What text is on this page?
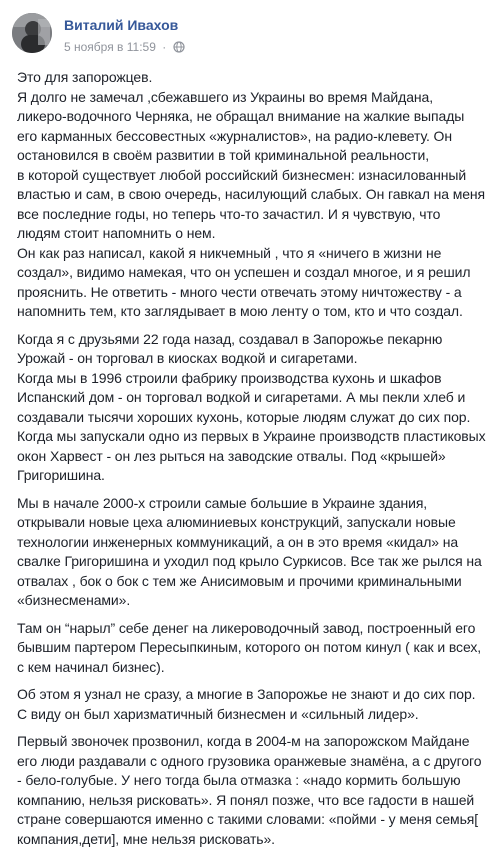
Виталий Ивахов
5 ноября в 11:59 ·
Это для запорожцев.
Я долго не замечал ,сбежавшего из Украины во время Майдана,
ликеро-водочного Черняка, не обращал внимание на жалкие выпады
его карманных бессовестных «журналистов», на радио-клевету. Он
остановился в своём развитии в той криминальной реальности,
в которой существует любой российский бизнесмен: изнасилованный
властью и сам, в свою очередь, насилующий слабых. Он гавкал на меня
все последние годы, но теперь что-то зачастил. И я чувствую, что
людям стоит напомнить о нем.
Он как раз написал, какой я никчемный , что я «ничего в жизни не
создал», видимо намекая, что он успешен и создал многое, и я решил
прояснить. Не ответить - много чести отвечать этому ничтожеству - а
напомнить тем, кто заглядывает в мою ленту о том, кто и что создал.
Когда я с друзьями 22 года назад, создавал в Запорожье пекарню
Урожай - он торговал в киосках водкой и сигаретами.
Когда мы в 1996 строили фабрику производства кухонь и шкафов
Испанский дом - он торговал водкой и сигаретами. А мы пекли хлеб и
создавали тысячи хороших кухонь, которые людям служат до сих пор.
Когда мы запускали одно из первых в Украине производств пластиковых
окон Харвест - он лез рыться на заводские отвалы. Под «крышей»
Григоришина.
Мы в начале 2000-х строили самые большие в Украине здания,
открывали новые цеха алюминиевых конструкций, запускали новые
технологии инженерных коммуникаций, а он в это время «кидал» на
свалке Григоришина и уходил под крыло Суркисов. Все так же рылся на
отвалах , бок о бок с тем же Анисимовым и прочими криминальными
«бизнесменами».
Там он “нарыл” себе денег на ликероводочный завод, построенный его
бывшим партером Пересыпкиным, которого он потом кинул ( как и всех,
с кем начинал бизнес).
Об этом я узнал не сразу, а многие в Запорожье не знают и до сих пор.
С виду он был харизматичный бизнесмен и «сильный лидер».
Первый звоночек прозвонил, когда в 2004-м на запорожском Майдане
его люди раздавали с одного грузовика оранжевые знамёна, а с другого
- бело-голубые. У него тогда была отмазка : «надо кормить большую
компанию, нельзя рисковать». Я понял позже, что все гадости в нашей
стране совершаются именно с такими словами: «пойми - у меня семья[
компания,дети], мне нельзя рисковать».
